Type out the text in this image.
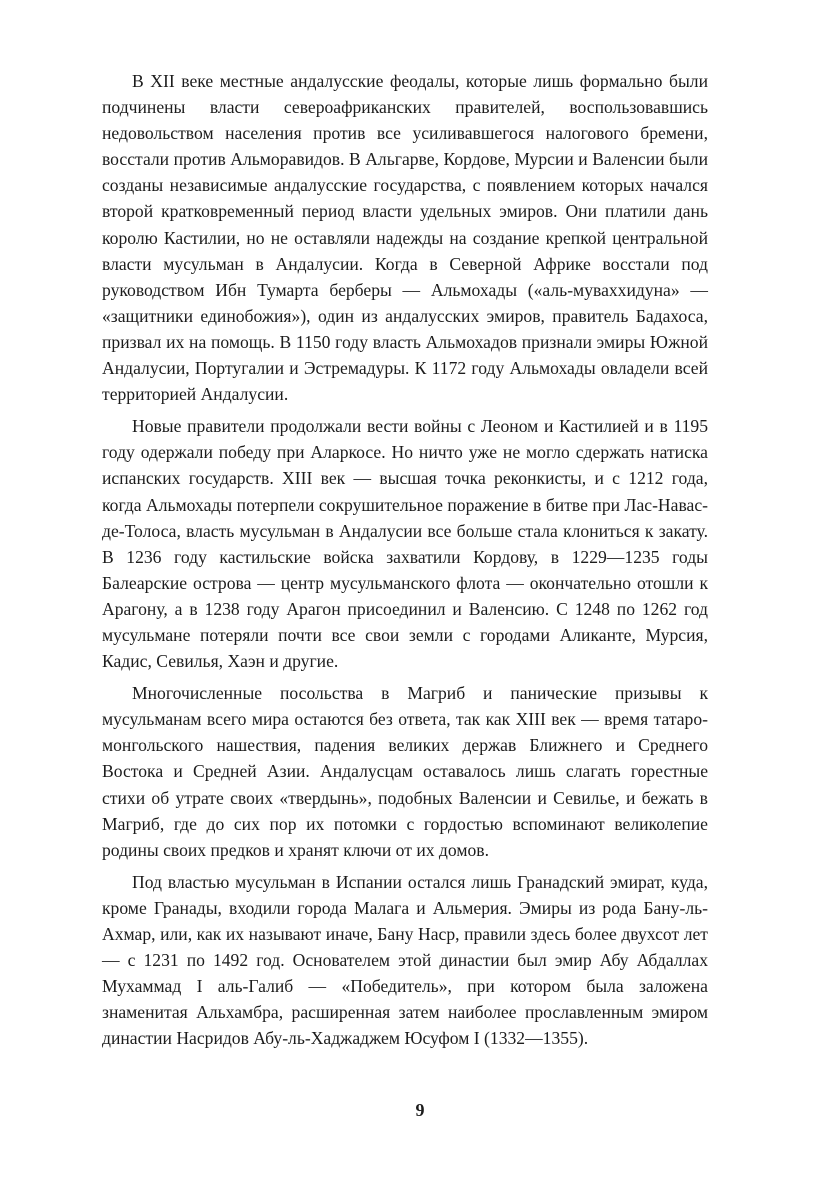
В XII веке местные андалусские феодалы, которые лишь формально были подчинены власти североафриканских правителей, воспользовавшись недовольством населения против все усиливавшегося налогового бремени, восстали против Альморавидов. В Альгарве, Кордове, Мурсии и Валенсии были созданы независимые андалусские государства, с появлением которых начался второй кратковременный период власти удельных эмиров. Они платили дань королю Кастилии, но не оставляли надежды на создание крепкой центральной власти мусульман в Андалусии. Когда в Северной Африке восстали под руководством Ибн Тумарта берберы — Альмохады («аль-муваххидуна» — «защитники единобожия»), один из андалусских эмиров, правитель Бадахоса, призвал их на помощь. В 1150 году власть Альмохадов признали эмиры Южной Андалусии, Португалии и Эстремадуры. К 1172 году Альмохады овладели всей территорией Андалусии.

Новые правители продолжали вести войны с Леоном и Кастилией и в 1195 году одержали победу при Аларкосе. Но ничто уже не могло сдержать натиска испанских государств. XIII век — высшая точка реконкисты, и с 1212 года, когда Альмохады потерпели сокрушительное поражение в битве при Лас-Навас-де-Толоса, власть мусульман в Андалусии все больше стала клониться к закату. В 1236 году кастильские войска захватили Кордову, в 1229—1235 годы Балеарские острова — центр мусульманского флота — окончательно отошли к Арагону, а в 1238 году Арагон присоединил и Валенсию. С 1248 по 1262 год мусульмане потеряли почти все свои земли с городами Аликанте, Мурсия, Кадис, Севилья, Хаэн и другие.

Многочисленные посольства в Магриб и панические призывы к мусульманам всего мира остаются без ответа, так как XIII век — время татаро-монгольского нашествия, падения великих держав Ближнего и Среднего Востока и Средней Азии. Андалусцам оставалось лишь слагать горестные стихи об утрате своих «твердынь», подобных Валенсии и Севилье, и бежать в Магриб, где до сих пор их потомки с гордостью вспоминают великолепие родины своих предков и хранят ключи от их домов.

Под властью мусульман в Испании остался лишь Гранадский эмират, куда, кроме Гранады, входили города Малага и Альмерия. Эмиры из рода Бану-ль-Ахмар, или, как их называют иначе, Бану Наср, правили здесь более двухсот лет — с 1231 по 1492 год. Основателем этой династии был эмир Абу Абдаллах Мухаммад I аль-Галиб — «Победитель», при котором была заложена знаменитая Альхамбра, расширенная затем наиболее прославленным эмиром династии Насридов Абу-ль-Хаджаджем Юсуфом I (1332—1355).

9
